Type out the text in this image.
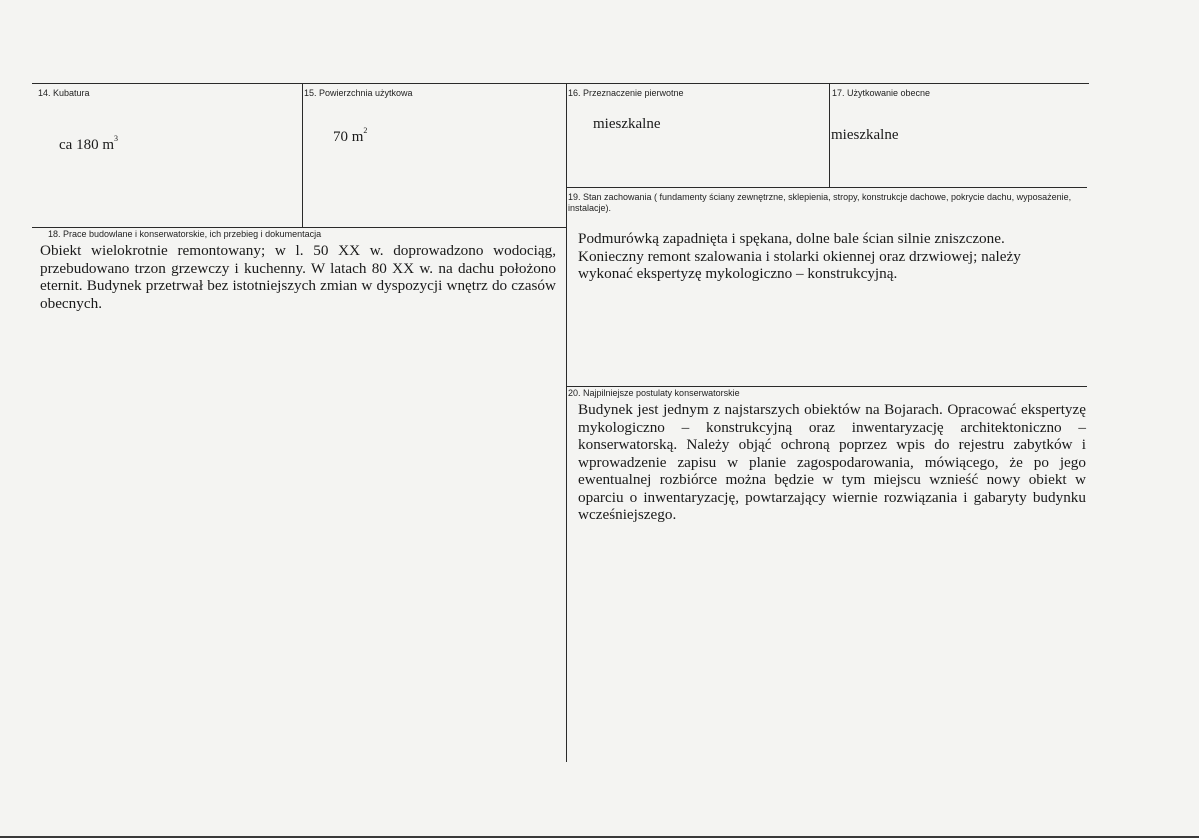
14. Kubatura
ca 180 $m^3$
15. Powierzchnia użytkowa
70 $m^2$
16. Przeznaczenie pierwotne
mieszkalne
17. Użytkowanie obecne
mieszkalne
18. Prace budowlane i konserwatorskie, ich przebieg i dokumentacja
Obiekt wielokrotnie remontowany; w l. 50 XX w. doprowadzono wodociąg, przebudowano trzon grzewczy i kuchenny. W latach 80 XX w. na dachu położono eternit. Budynek przetrwał bez istotniejszych zmian w dyspozycji wnętrz do czasów obecnych.
19. Stan zachowania ( fundamenty ściany zewnętrzne, sklepienia, stropy, konstrukcje dachowe, pokrycie dachu, wyposażenie, instalacje).
Podmurówką zapadnięta i spękana, dolne bale ścian silnie zniszczone. Konieczny remont szalowania i stolarki okiennej oraz drzwiowej; należy wykonać ekspertyzę mykologiczno – konstrukcyjną.
20. Najpilniejsze postulaty konserwatorskie
Budynek jest jednym z najstarszych obiektów na Bojarach. Opracować ekspertyzę mykologiczno – konstrukcyjną oraz inwentaryzację architektoniczno – konserwatorską. Należy objąć ochroną poprzez wpis do rejestru zabytków i wprowadzenie zapisu w planie zagospodarowania, mówiącego, że po jego ewentualnej rozbiórce można będzie w tym miejscu wznieść nowy obiekt w oparciu o inwentaryzację, powtarzający wiernie rozwiązania i gabaryty budynku wcześniejszego.
